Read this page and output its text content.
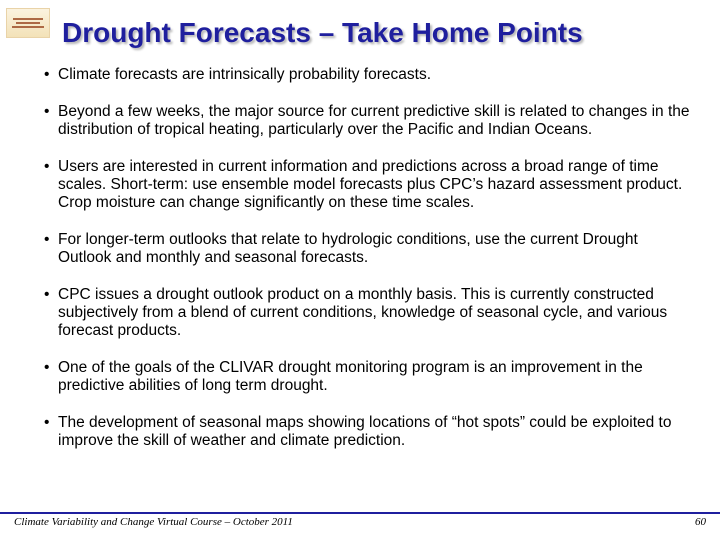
Drought Forecasts – Take Home Points
• Climate forecasts are intrinsically probability forecasts.
• Beyond a few weeks, the major source for current predictive skill is related to changes in the distribution of tropical heating, particularly over the Pacific and Indian Oceans.
• Users are interested in current information and predictions across a broad range of time scales. Short-term: use ensemble model forecasts plus CPC’s hazard assessment product. Crop moisture can change significantly on these time scales.
• For longer-term outlooks that relate to hydrologic conditions, use the current Drought Outlook and monthly and seasonal forecasts.
• CPC issues a drought outlook product on a monthly basis. This is currently constructed subjectively from a blend of current conditions, knowledge of seasonal cycle, and various forecast products.
• One of the goals of the CLIVAR drought monitoring program is an improvement in the predictive abilities of long term drought.
• The development of seasonal maps showing locations of “hot spots” could be exploited to improve the skill of weather and climate prediction.
Climate Variability and Change Virtual Course – October 2011	60
